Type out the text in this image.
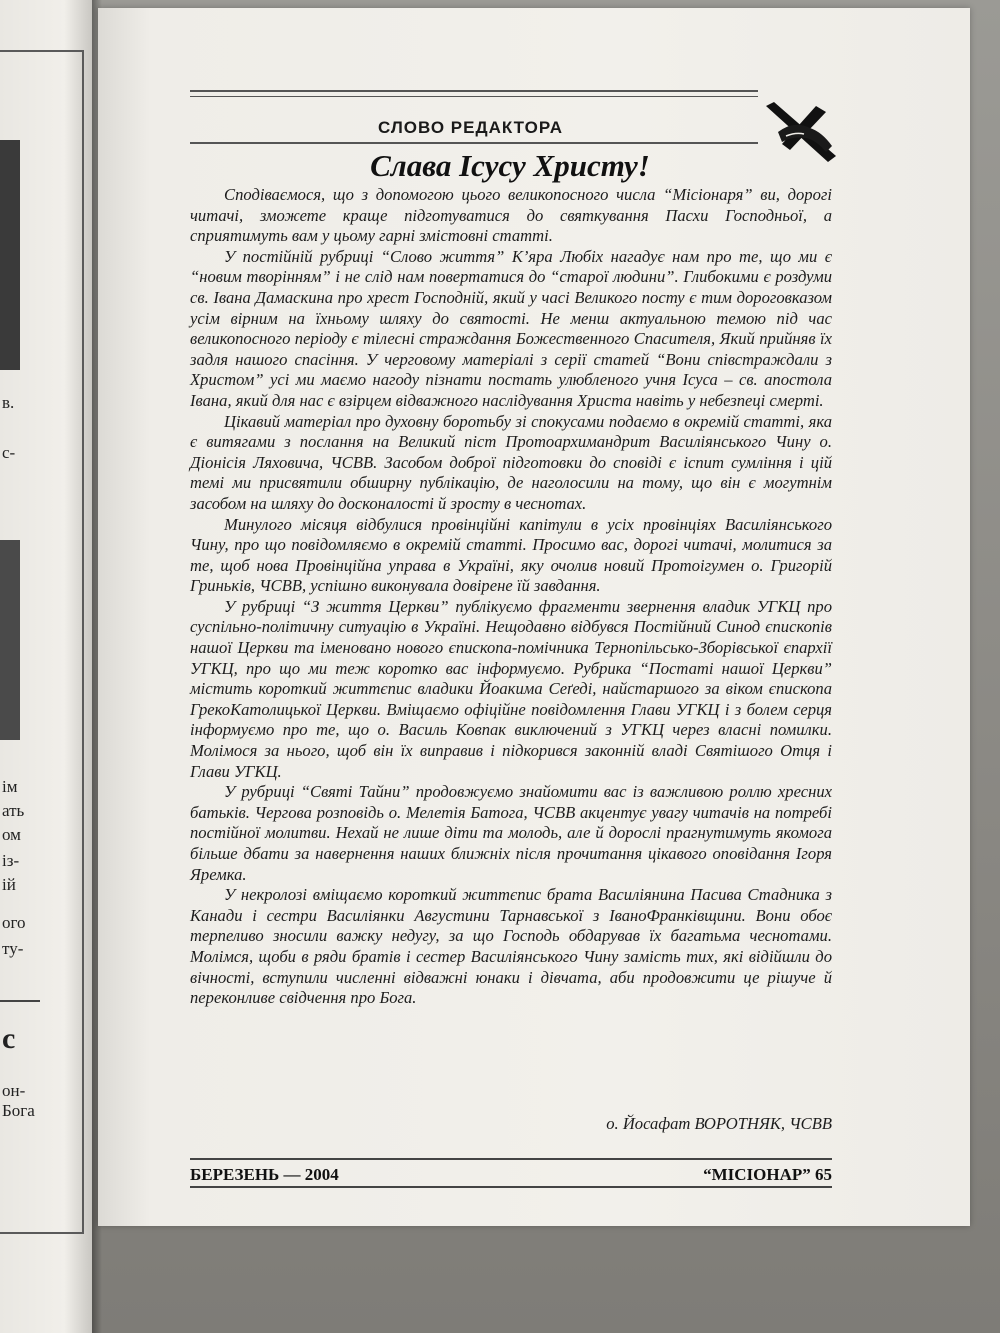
в.
с-
ім
ать
ом
із-
ій
ого
ту-
с
он-
Бога
СЛОВО РЕДАКТОРА
Слава Ісусу Христу!

Сподіваємося, що з допомогою цього великопосного числа “Місіонаря” ви, дорогі читачі, зможете краще підготуватися до святкування Пасхи Господньої, а сприятимуть вам у цьому гарні змістовні статті.

У постійній рубриці “Слово життя” К’яра Любіх нагадує нам про те, що ми є “новим творінням” і не слід нам повертатися до “старої людини”. Глибокими є роздуми св. Івана Дамаскина про хрест Господній, який у часі Великого посту є тим дороговказом усім вірним на їхньому шляху до святості. Не менш актуальною темою під час великопосного періоду є тілесні страждання Божественного Спасителя, Який прийняв їх задля нашого спасіння. У черговому матеріалі з серії статей “Вони співстраждали з Христом” усі ми маємо нагоду пізнати постать улюбленого учня Ісуса – св. апостола Івана, який для нас є взірцем відважного наслідування Христа навіть у небезпеці смерті.

Цікавий матеріал про духовну боротьбу зі спокусами подаємо в окремій статті, яка є витягами з послання на Великий піст Протоархимандрит Василіянського Чину о. Діонісія Ляховича, ЧСВВ. Засобом доброї підготовки до сповіді є іспит сумління і цій темі ми присвятили обширну публікацію, де наголосили на тому, що він є могутнім засобом на шляху до досконалості й зросту в чеснотах.

Минулого місяця відбулися провінційні капітули в усіх провінціях Василіянського Чину, про що повідомляємо в окремій статті. Просимо вас, дорогі читачі, молитися за те, щоб нова Провінційна управа в Україні, яку очолив новий Протоігумен о. Григорій Гриньків, ЧСВВ, успішно виконувала довірене їй завдання.

У рубриці “З життя Церкви” публікуємо фрагменти звернення владик УГКЦ про суспільно-політичну ситуацію в Україні. Нещодавно відбувся Постійний Синод єпископів нашої Церкви та іменовано нового єпископа-помічника Тернопільсько-Зборівської єпархії УГКЦ, про що ми теж коротко вас інформуємо. Рубрика “Постаті нашої Церкви” містить короткий життєпис владики Йоакима Сеґеді, найстаршого за віком єпископа ГрекоКатолицької Церкви. Вміщаємо офіційне повідомлення Глави УГКЦ і з болем серця інформуємо про те, що о. Василь Ковпак виключений з УГКЦ через власні помилки. Молімося за нього, щоб він їх виправив і підкорився законній владі Святішого Отця і Глави УГКЦ.

У рубриці “Святі Тайни” продовжуємо знайомити вас із важливою роллю хресних батьків. Чергова розповідь о. Мелетія Батога, ЧСВВ акцентує увагу читачів на потребі постійної молитви. Нехай не лише діти та молодь, але й дорослі прагнутимуть якомога більше дбати за навернення наших ближніх після прочитання цікавого оповідання Ігоря Яремка.

У некролозі вміщаємо короткий життєпис брата Василіянина Пасива Стадника з Канади і сестри Василіянки Августини Тарнавської з ІваноФранківщини. Вони обоє терпеливо зносили важку недугу, за що Господь обдарував їх багатьма чеснотами. Молімся, щоби в ряди братів і сестер Василіянського Чину замість тих, які відійшли до вічності, вступили численні відважні юнаки і дівчата, аби продовжити це рішуче й переконливе свідчення про Бога.

о. Йосафат ВОРОТНЯК, ЧСВВ
БЕРЕЗЕНЬ — 2004	“МІСІОНАР” 65
